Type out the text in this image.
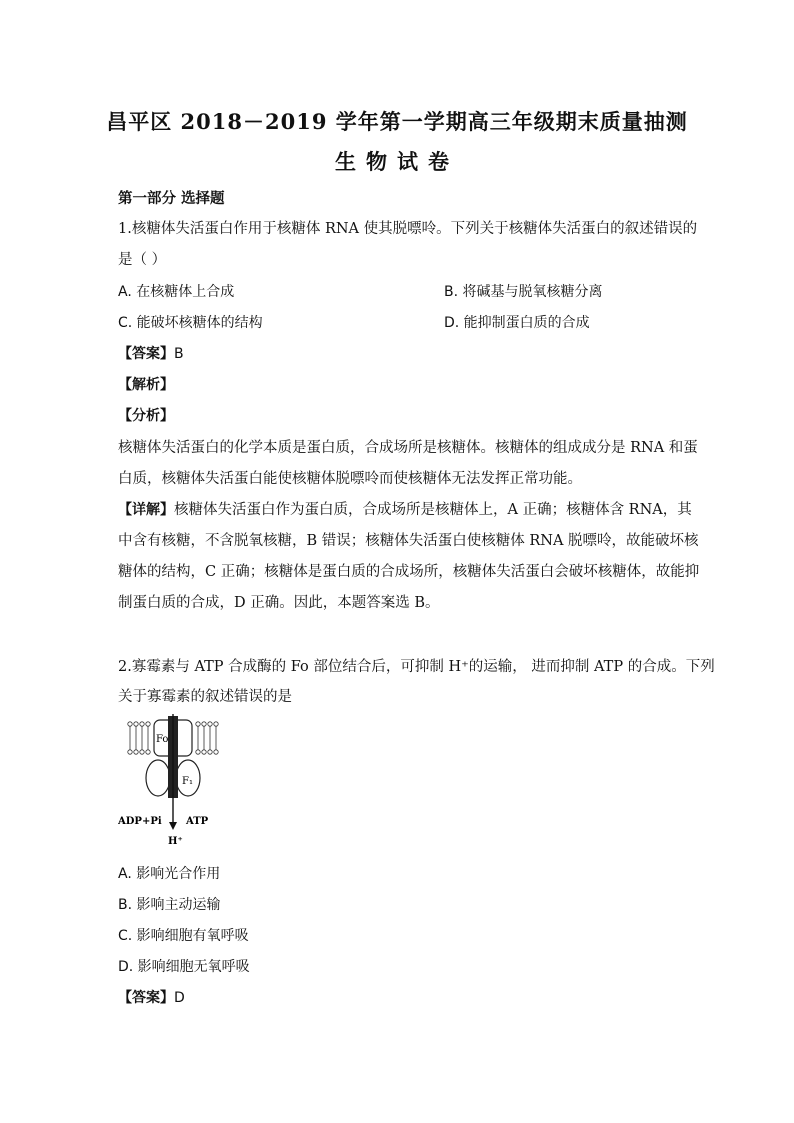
昌平区 2018－2019 学年第一学期高三年级期末质量抽测
生物试卷
第一部分 选择题
1.核糖体失活蛋白作用于核糖体 RNA 使其脱嘌呤。下列关于核糖体失活蛋白的叙述错误的
是（ ）
A. 在核糖体上合成	B. 将碱基与脱氧核糖分离
C. 能破坏核糖体的结构	D. 能抑制蛋白质的合成
【答案】B
【解析】
【分析】
核糖体失活蛋白的化学本质是蛋白质，合成场所是核糖体。核糖体的组成成分是 RNA 和蛋
白质，核糖体失活蛋白能使核糖体脱嘌呤而使核糖体无法发挥正常功能。
【详解】核糖体失活蛋白作为蛋白质，合成场所是核糖体上，A 正确；核糖体含 RNA，其
中含有核糖，不含脱氧核糖，B 错误；核糖体失活蛋白使核糖体 RNA 脱嘌呤，故能破坏核
糖体的结构，C 正确；核糖体是蛋白质的合成场所，核糖体失活蛋白会破坏核糖体，故能抑
制蛋白质的合成，D 正确。因此，本题答案选 B。
2.寡霉素与 ATP 合成酶的 Fo 部位结合后，可抑制 H⁺的运输， 进而抑制 ATP 的合成。下列
关于寡霉素的叙述错误的是
Fo
F₁
ADP+Pi ATP
H⁺
A. 影响光合作用
B. 影响主动运输
C. 影响细胞有氧呼吸
D. 影响细胞无氧呼吸
【答案】D
